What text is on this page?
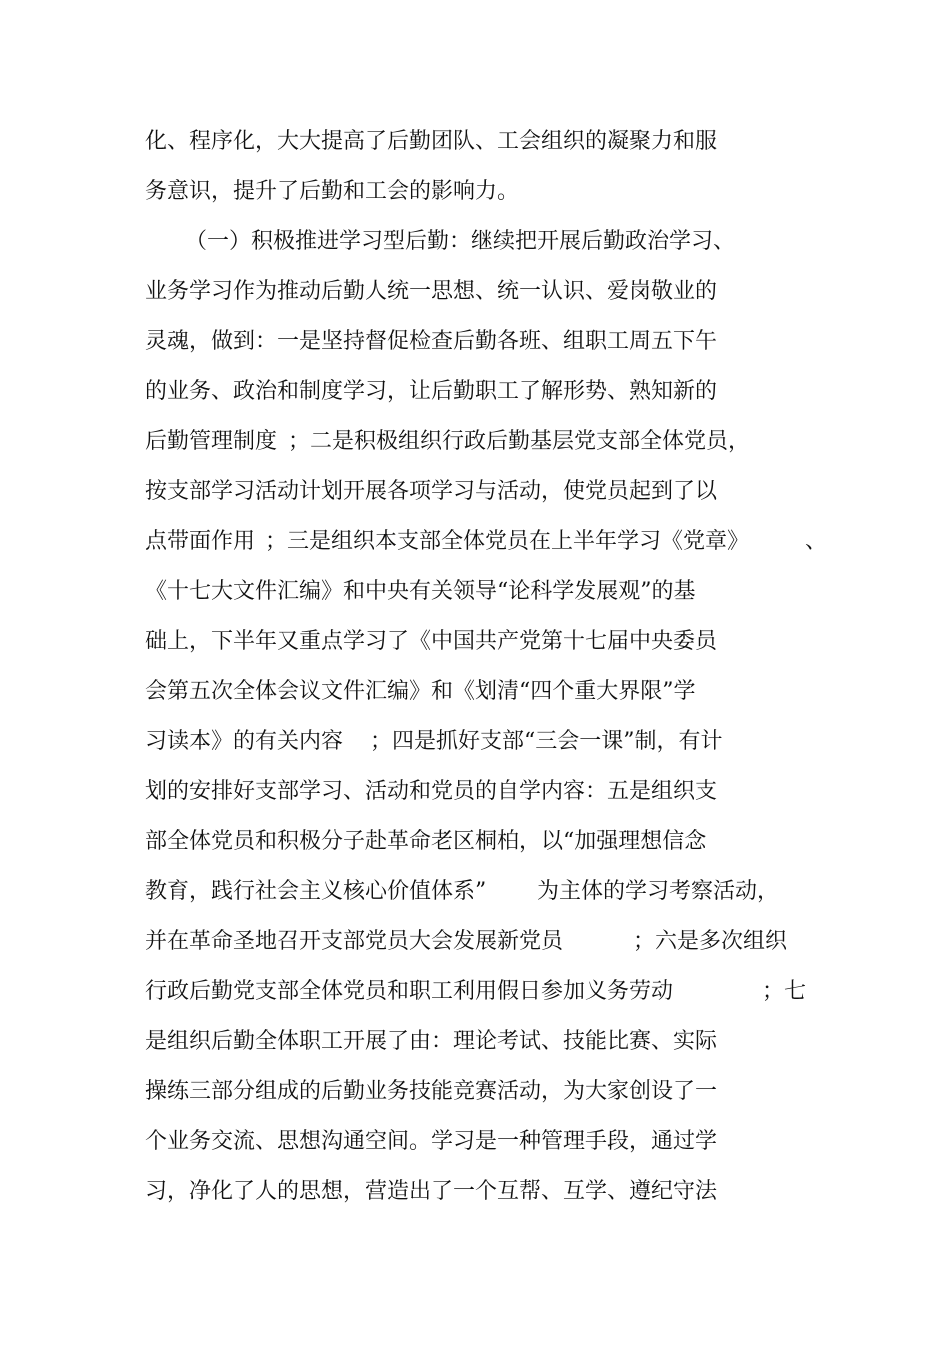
化、程序化，大大提高了后勤团队、工会组织的凝聚力和服

务意识，提升了后勤和工会的影响力。

（一）积极推进学习型后勤：继续把开展后勤政治学习、

业务学习作为推动后勤人统一思想、统一认识、爱岗敬业的

灵魂，做到：一是坚持督促检查后勤各班、组职工周五下午

的业务、政治和制度学习，让后勤职工了解形势、熟知新的

后勤管理制度

；二是积极组织行政后勤基层党支部全体党员，

按支部学习活动计划开展各项学习与活动，使党员起到了以

点带面作用

；三是组织本支部全体党员在上半年学习《党章》

	、

《十七大文件汇编》和中央有关领导“论科学发展观”的基

础上，下半年又重点学习了《中国共产党第十七届中央委员

会第五次全体会议文件汇编》和《划清“四个重大界限”学

习读本》的有关内容

；四是抓好支部“三会一课”制，有计

划的安排好支部学习、活动和党员的自学内容：五是组织支

部全体党员和积极分子赴革命老区桐柏，以“加强理想信念

教育，践行社会主义核心价值体系”

为主体的学习考察活动，

并在革命圣地召开支部党员大会发展新党员

	；六是多次组织

行政后勤党支部全体党员和职工利用假日参加义务劳动

	；七

是组织后勤全体职工开展了由：理论考试、技能比赛、实际

操练三部分组成的后勤业务技能竞赛活动，为大家创设了一

个业务交流、思想沟通空间。学习是一种管理手段，通过学

习，净化了人的思想，营造出了一个互帮、互学、遵纪守法
